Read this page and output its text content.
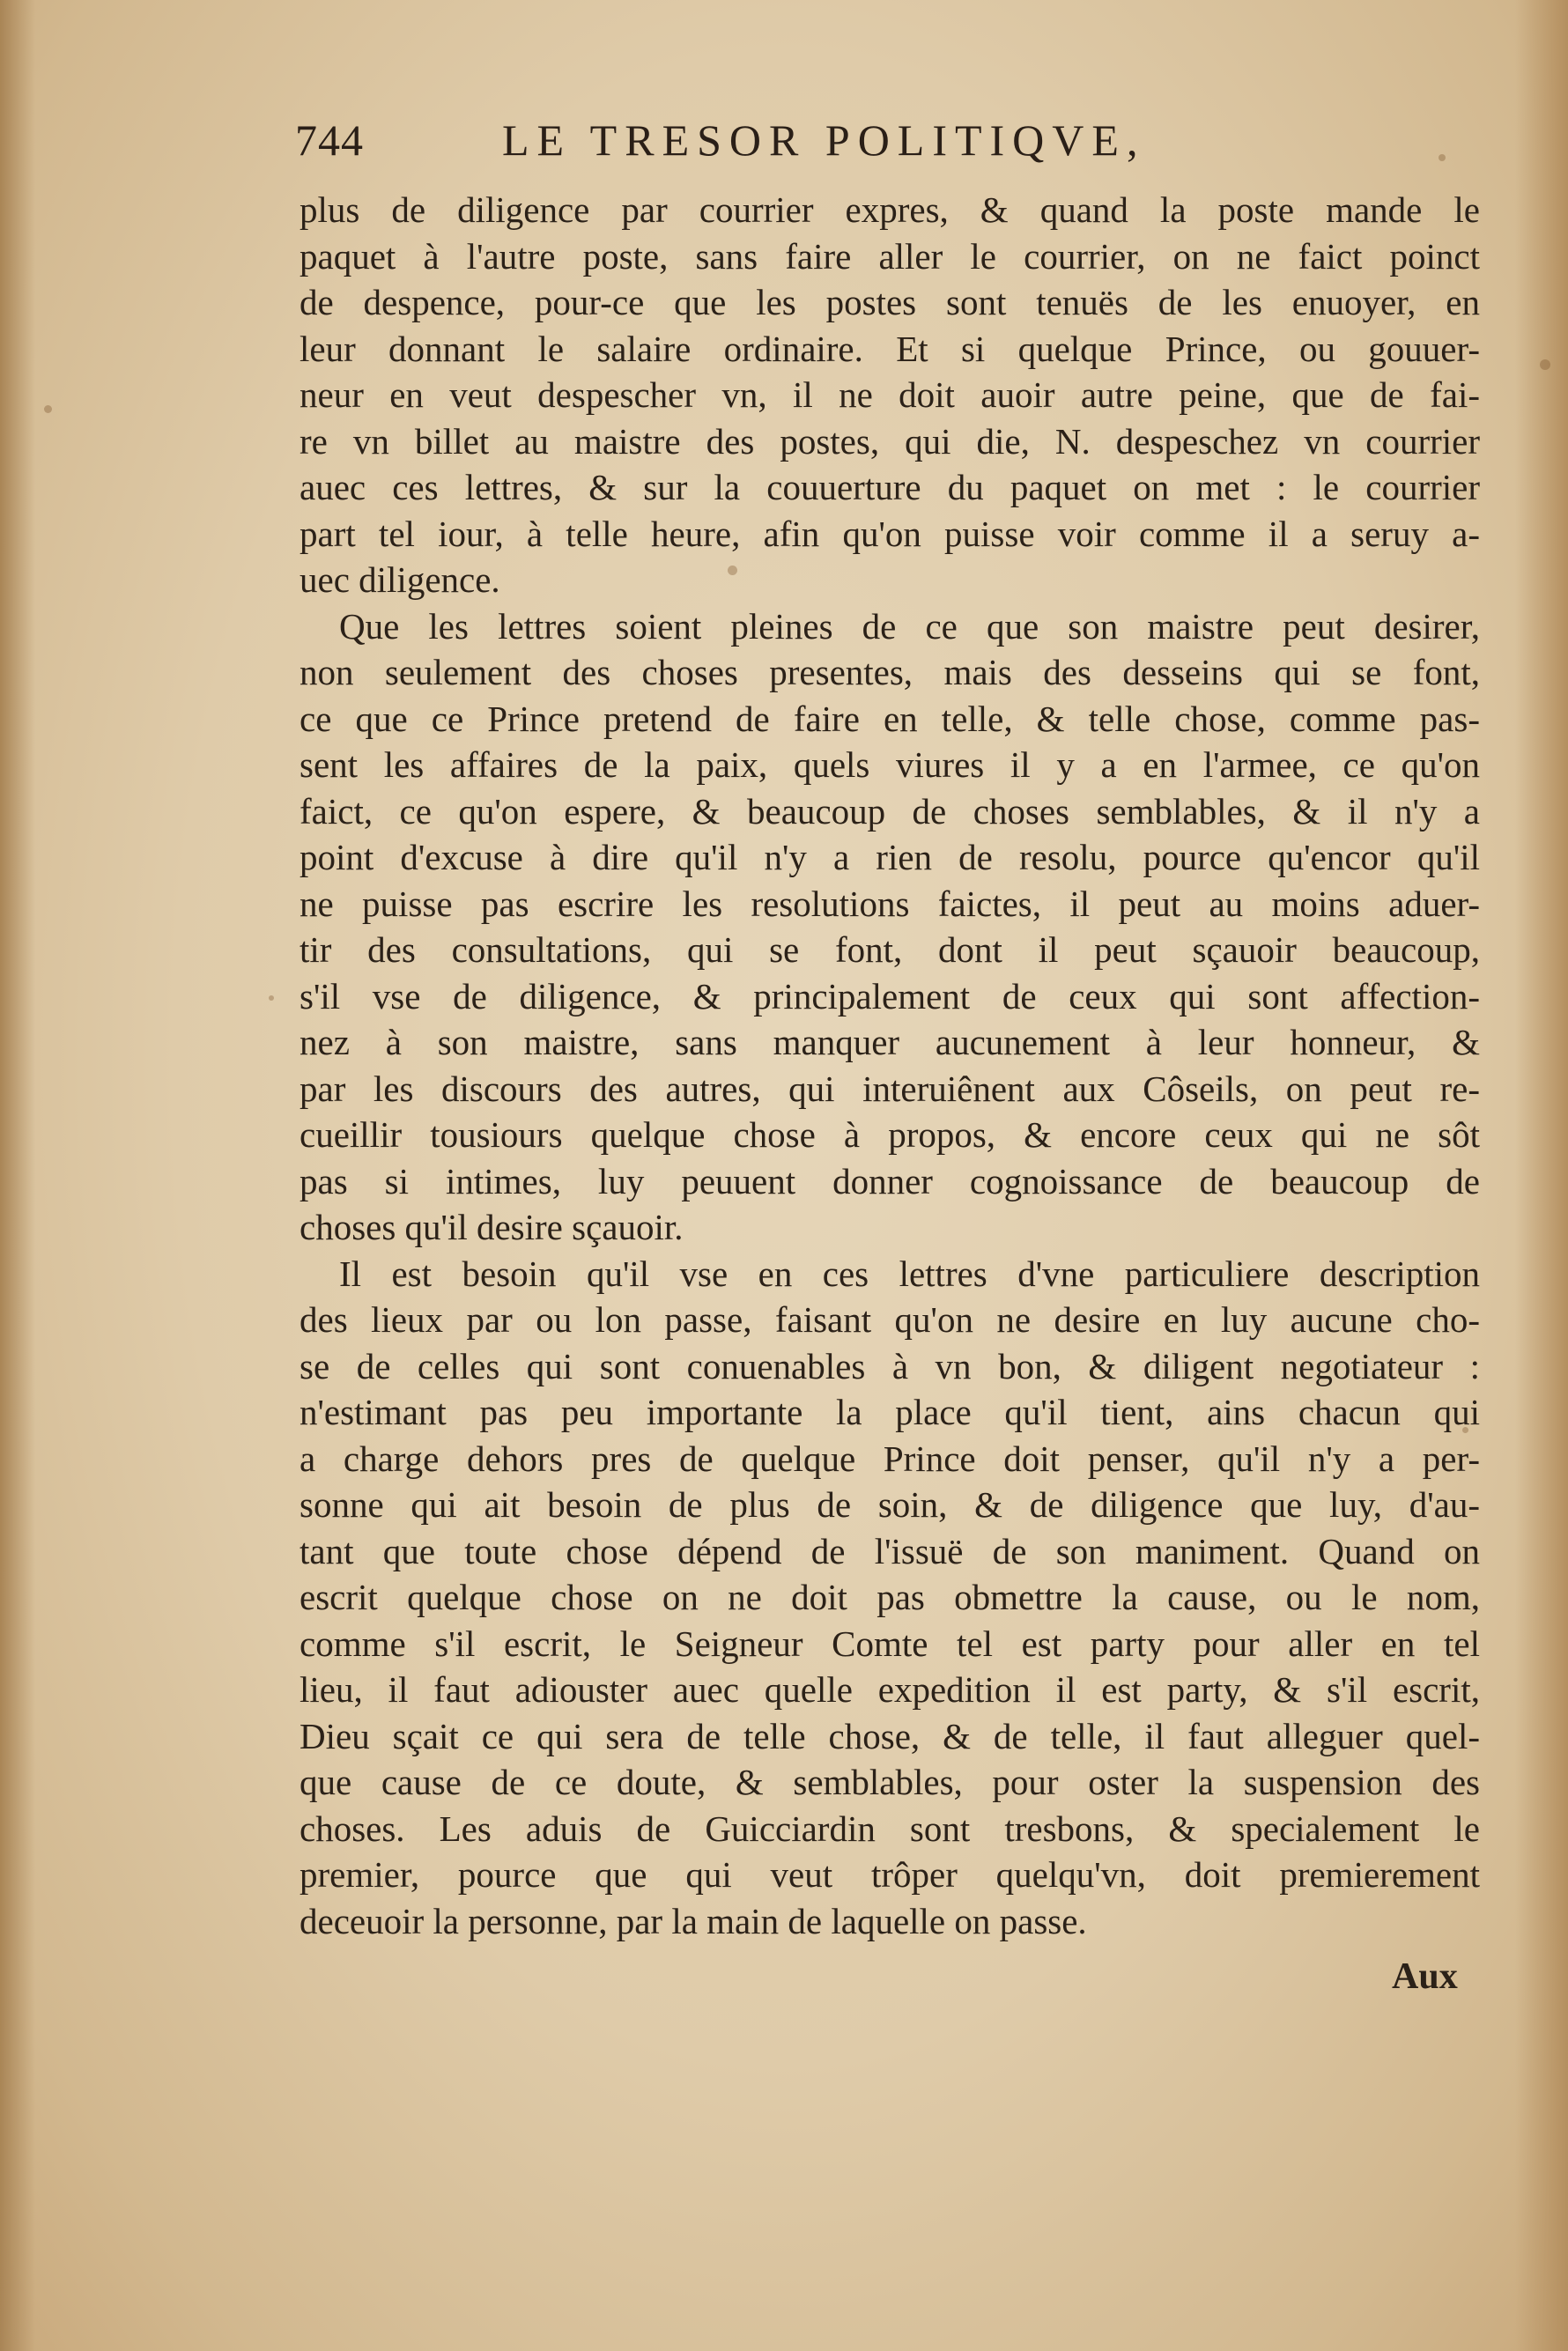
744	LE TRESOR POLITIQVE,
plus de diligence par courrier expres, & quand la poste mande le
paquet à l'autre poste, sans faire aller le courrier, on ne faict poinct
de despence, pour-ce que les postes sont tenuës de les enuoyer, en
leur donnant le salaire ordinaire. Et si quelque Prince, ou gouuer-
neur en veut despescher vn, il ne doit auoir autre peine, que de fai-
re vn billet au maistre des postes, qui die, N. despeschez vn courrier
auec ces lettres, & sur la couuerture du paquet on met : le courrier
part tel iour, à telle heure, afin qu'on puisse voir comme il a seruy a-
uec diligence.
Que les lettres soient pleines de ce que son maistre peut desirer,
non seulement des choses presentes, mais des desseins qui se font,
ce que ce Prince pretend de faire en telle, & telle chose, comme pas-
sent les affaires de la paix, quels viures il y a en l'armee, ce qu'on
faict, ce qu'on espere, & beaucoup de choses semblables, & il n'y a
point d'excuse à dire qu'il n'y a rien de resolu, pource qu'encor qu'il
ne puisse pas escrire les resolutions faictes, il peut au moins aduer-
tir des consultations, qui se font, dont il peut sçauoir beaucoup,
s'il vse de diligence, & principalement de ceux qui sont affection-
nez à son maistre, sans manquer aucunement à leur honneur, &
par les discours des autres, qui interuiênent aux Côseils, on peut re-
cueillir tousiours quelque chose à propos, & encore ceux qui ne sôt
pas si intimes, luy peuuent donner cognoissance de beaucoup de
choses qu'il desire sçauoir.
Il est besoin qu'il vse en ces lettres d'vne particuliere description
des lieux par ou lon passe, faisant qu'on ne desire en luy aucune cho-
se de celles qui sont conuenables à vn bon, & diligent negotiateur :
n'estimant pas peu importante la place qu'il tient, ains chacun qui
a charge dehors pres de quelque Prince doit penser, qu'il n'y a per-
sonne qui ait besoin de plus de soin, & de diligence que luy, d'au-
tant que toute chose dépend de l'issuë de son maniment. Quand on
escrit quelque chose on ne doit pas obmettre la cause, ou le nom,
comme s'il escrit, le Seigneur Comte tel est party pour aller en tel
lieu, il faut adiouster auec quelle expedition il est party, & s'il escrit,
Dieu sçait ce qui sera de telle chose, & de telle, il faut alleguer quel-
que cause de ce doute, & semblables, pour oster la suspension des
choses. Les aduis de Guicciardin sont tresbons, & specialement le
premier, pource que qui veut trôper quelqu'vn, doit premierement
deceuoir la personne, par la main de laquelle on passe.
Aux
